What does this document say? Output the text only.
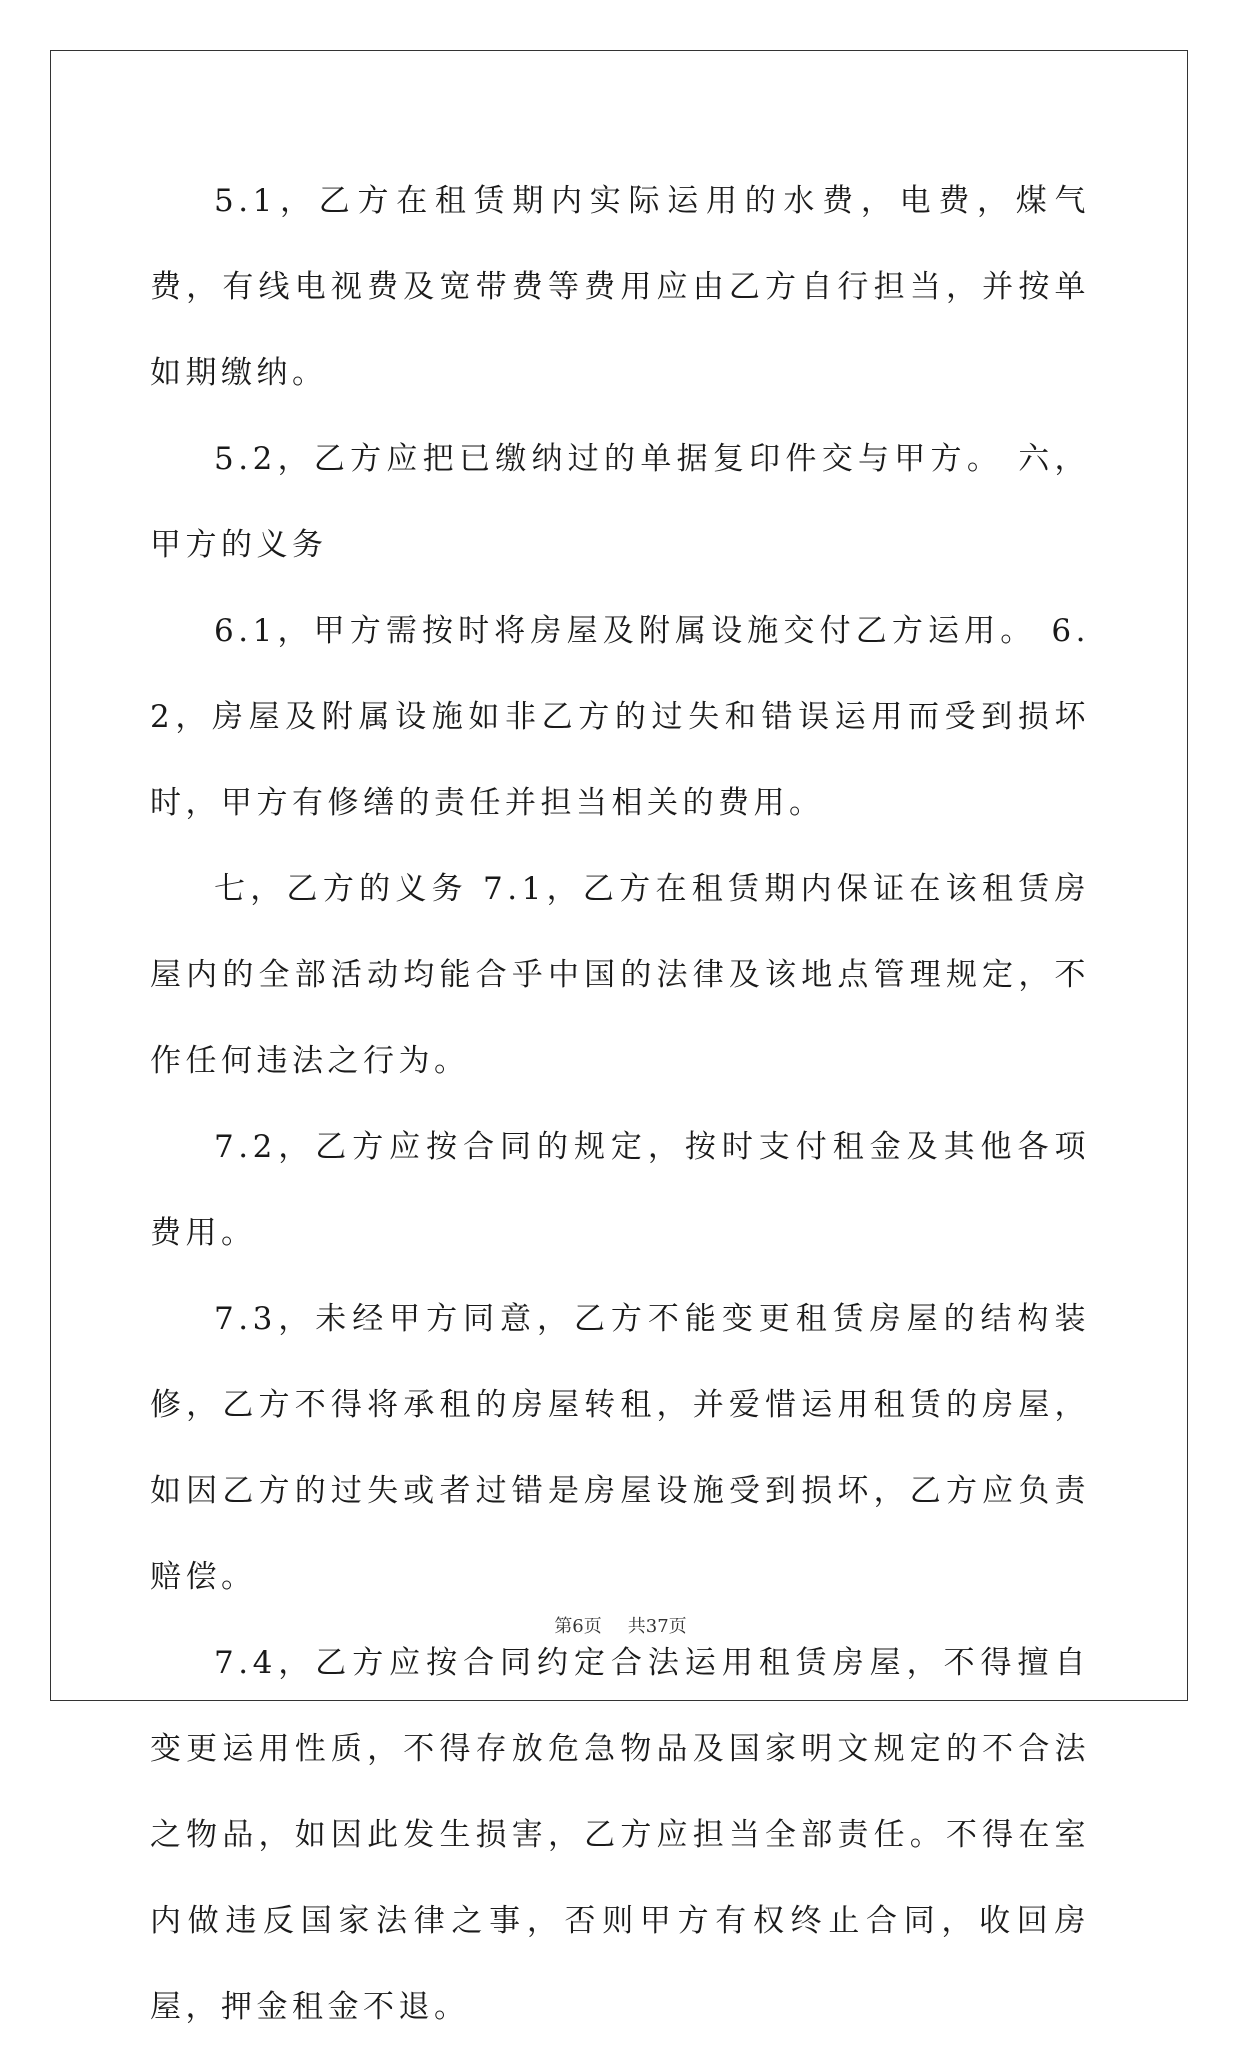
5.1，乙方在租赁期内实际运用的水费，电费，煤气费，有线电视费及宽带费等费用应由乙方自行担当，并按单如期缴纳。

5.2，乙方应把已缴纳过的单据复印件交与甲方。 六，甲方的义务

6.1，甲方需按时将房屋及附属设施交付乙方运用。 6.2，房屋及附属设施如非乙方的过失和错误运用而受到损坏时，甲方有修缮的责任并担当相关的费用。

七，乙方的义务 7.1，乙方在租赁期内保证在该租赁房屋内的全部活动均能合乎中国的法律及该地点管理规定，不作任何违法之行为。

7.2，乙方应按合同的规定，按时支付租金及其他各项费用。

7.3，未经甲方同意，乙方不能变更租赁房屋的结构装修，乙方不得将承租的房屋转租，并爱惜运用租赁的房屋，如因乙方的过失或者过错是房屋设施受到损坏，乙方应负责赔偿。

7.4，乙方应按合同约定合法运用租赁房屋，不得擅自变更运用性质，不得存放危急物品及国家明文规定的不合法之物品，如因此发生损害，乙方应担当全部责任。不得在室内做违反国家法律之事，否则甲方有权终止合同，收回房屋，押金租金不退。

第6页 共37页
